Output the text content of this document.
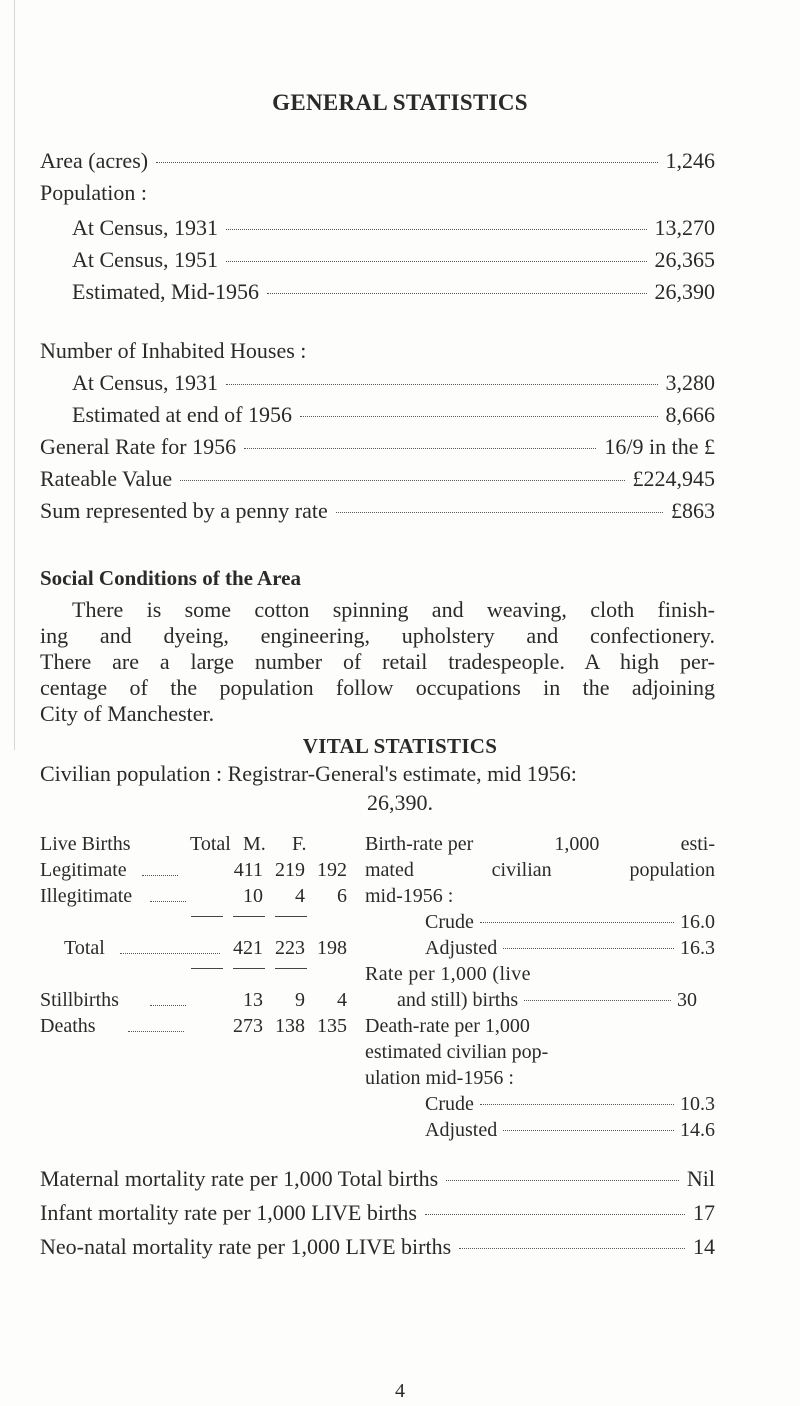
GENERAL STATISTICS
Area (acres)	1,246
Population :
At Census, 1931	13,270
At Census, 1951	26,365
Estimated, Mid-1956	26,390
Number of Inhabited Houses :
At Census, 1931	3,280
Estimated at end of 1956	8,666
General Rate for 1956	16/9 in the £
Rateable Value	£224,945
Sum represented by a penny rate	£863
Social Conditions of the Area
There is some cotton spinning and weaving, cloth finish-
ing and dyeing, engineering, upholstery and confectionery.
There are a large number of retail tradespeople. A high per-
centage of the population follow occupations in the adjoining
City of Manchester.
VITAL STATISTICS
Civilian population : Registrar-General's estimate, mid 1956:
26,390.
Live Births	Total M. F.
Legitimate	411 219 192
Illegitimate	10	4	6
Total	421 223 198
Stillbirths	13	9	4
Deaths	273 138 135
Birth-rate per	1,000	esti-
mated	civilian	population
mid-1956 :
Crude	16.0
Adjusted	16.3
Rate per 1,000 (live
and still) births	30
Death-rate per 1,000
estimated civilian pop-
ulation mid-1956 :
Crude	10.3
Adjusted	14.6
Maternal mortality rate per 1,000 Total births	Nil
Infant mortality rate per 1,000 LIVE births	17
Neo-natal mortality rate per 1,000 LIVE births	14
4
